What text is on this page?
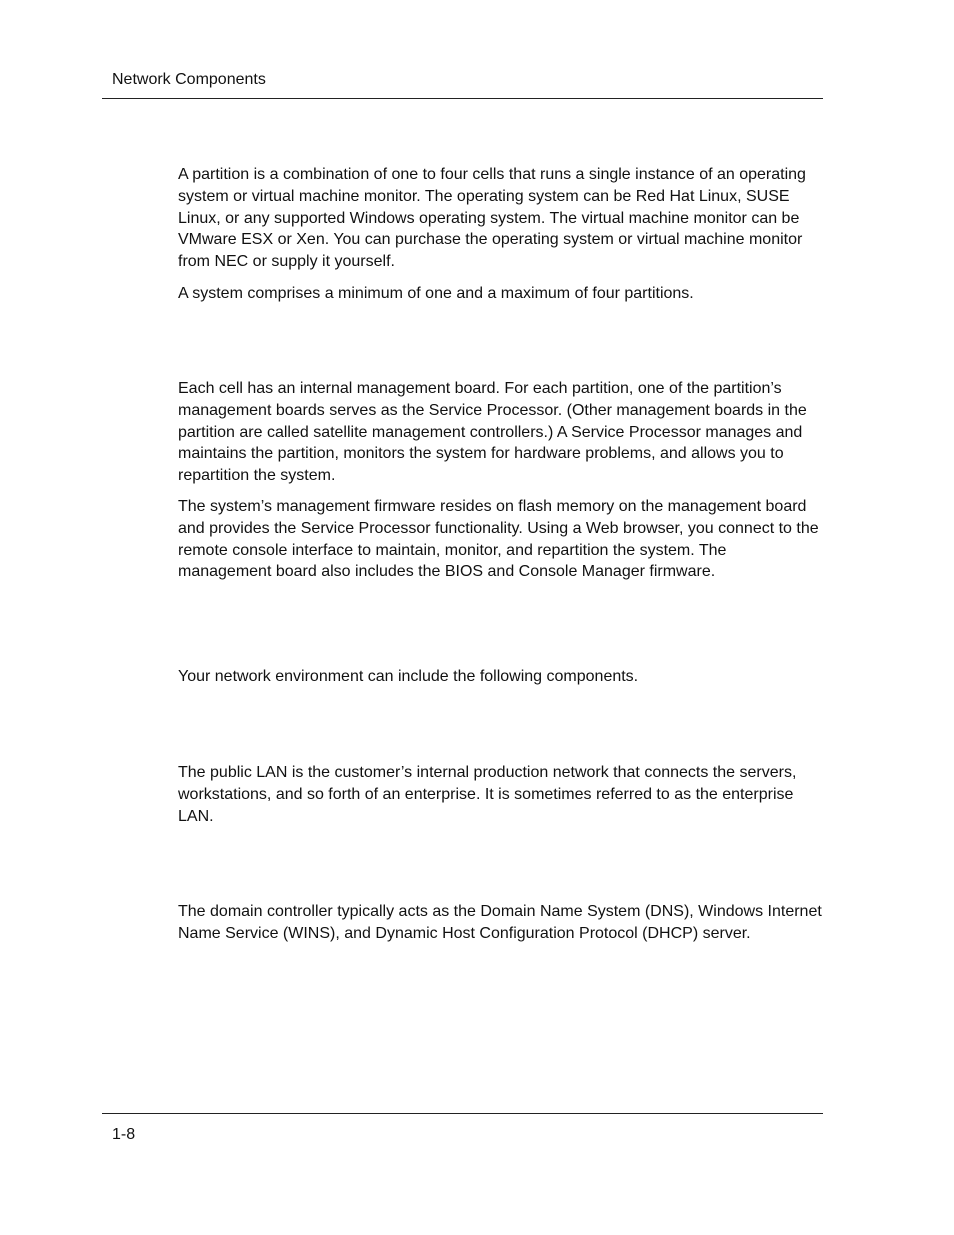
Network Components

A partition is a combination of one to four cells that runs a single instance of an operating system or virtual machine monitor. The operating system can be Red Hat Linux, SUSE Linux, or any supported Windows operating system. The virtual machine monitor can be VMware ESX or Xen. You can purchase the operating system or virtual machine monitor from NEC or supply it yourself.

A system comprises a minimum of one and a maximum of four partitions.

Each cell has an internal management board. For each partition, one of the partition’s management boards serves as the Service Processor. (Other management boards in the partition are called satellite management controllers.) A Service Processor manages and maintains the partition, monitors the system for hardware problems, and allows you to repartition the system.

The system’s management firmware resides on flash memory on the management board and provides the Service Processor functionality. Using a Web browser, you connect to the remote console interface to maintain, monitor, and repartition the system. The management board also includes the BIOS and Console Manager firmware.

Your network environment can include the following components.

The public LAN is the customer’s internal production network that connects the servers, workstations, and so forth of an enterprise. It is sometimes referred to as the enterprise LAN.

The domain controller typically acts as the Domain Name System (DNS), Windows Internet Name Service (WINS), and Dynamic Host Configuration Protocol (DHCP) server.

1-8
